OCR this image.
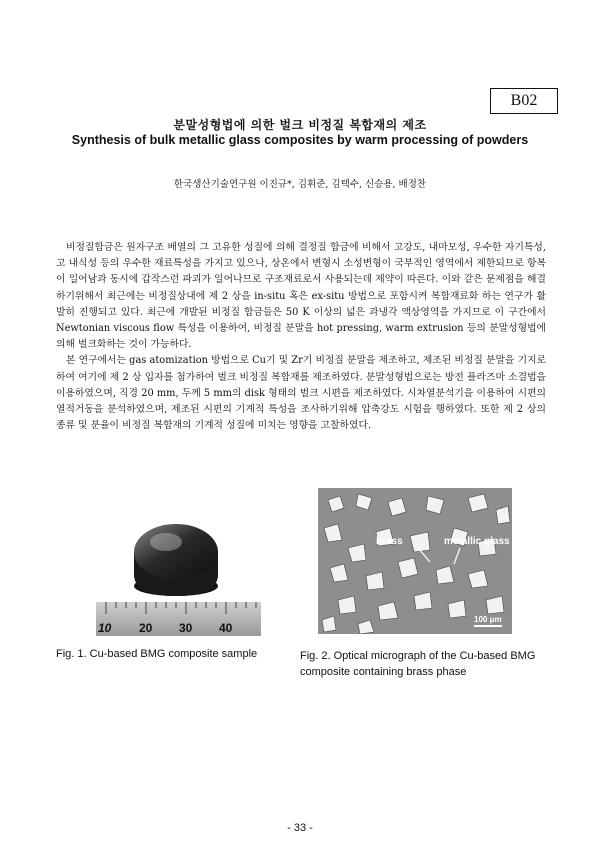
B02
분말성형법에 의한 벌크 비정질 복합재의 제조
Synthesis of bulk metallic glass composites by warm processing of powders
한국생산기술연구원 이진규*, 김휘준, 김택수, 신승용, 배정찬

비정질합금은 원자구조 배열의 그 고유한 성질에 의해 결정질 합금에 비해서 고강도, 내마모성, 우수한 자기특성, 고 내식성 등의 우수한 재료특성을 가지고 있으나, 상온에서 변형시 소성변형이 국부적인 영역에서 제한되므로 항복이 일어남과 동시에 갑작스런 파괴가 일어나므로 구조재료로서 사용되는데 제약이 따른다. 이와 같은 문제점을 해결하기위해서 최근에는 비정질상내에 제 2 상을 in-situ 혹은 ex-situ 방법으로 포함시켜 복합재료화 하는 연구가 활발히 진행되고 있다. 최근에 개발된 비정질 합금들은 50 K 이상의 넓은 과냉각 액상영역을 가지므로 이 구간에서 Newtonian viscous flow 특성을 이용하여, 비정질 분말을 hot pressing, warm extrusion 등의 분말성형법에 의해 벌크화하는 것이 가능하다.

본 연구에서는 gas atomization 방법으로 Cu기 및 Zr기 비정질 분말을 제조하고, 제조된 비정질 분말을 기지로 하여 여기에 제 2 상 입자를 첨가하여 벌크 비정질 복합재를 제조하였다. 분말성형법으로는 방전 플라즈마 소결법을 이용하였으며, 직경 20 mm, 두께 5 mm의 disk 형태의 벌크 시편을 제조하였다. 시차열분석기을 이용하여 시편의 열적거동을 분석하였으며, 제조된 시편의 기계적 특성을 조사하기위해 압축강도 시험을 행하였다. 또한 제 2 상의 종류 및 분율이 비정질 복합재의 기계적 성질에 미치는 영향을 고찰하였다.

10 20 30 40
brass	metallic glass
100 μm
Fig. 1. Cu-based BMG composite sample	Fig. 2. Optical micrograph of the Cu-based BMG composite containing brass phase
- 33 -
